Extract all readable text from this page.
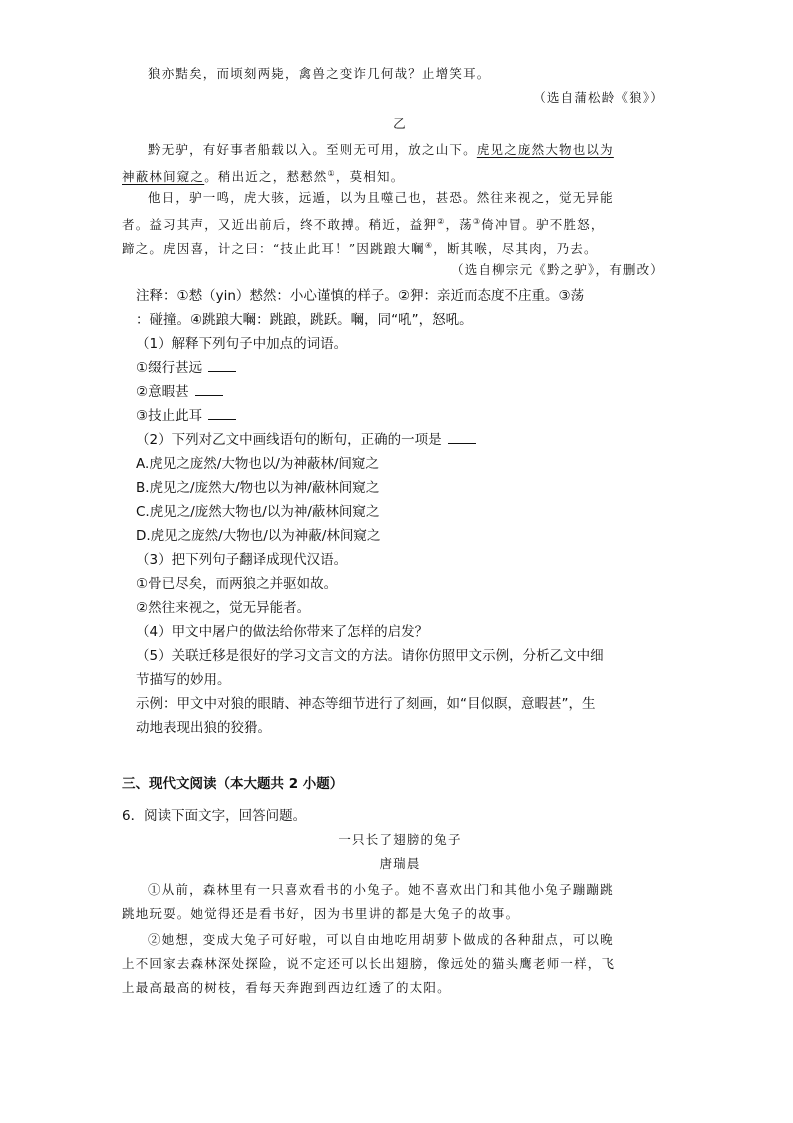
狼亦黠矣，而顷刻两毙，禽兽之变诈几何哉？止增笑耳。
（选自蒲松龄《狼》）
乙
黔无驴，有好事者船载以入。至则无可用，放之山下。虎见之庞然大物也以为
神蔽林间窥之。稍出近之，慭慭然①，莫相知。
他日，驴一鸣，虎大骇，远遁，以为且噬己也，甚恐。然往来视之，觉无异能
者。益习其声，又近出前后，终不敢搏。稍近，益狎②，荡③倚冲冒。驴不胜怒，
蹄之。虎因喜，计之曰：“技止此耳！”因跳踉大㘎④，断其喉，尽其肉，乃去。
（选自柳宗元《黔之驴》，有删改）
注释：①慭（yin）慭然：小心谨慎的样子。②狎：亲近而态度不庄重。③荡
：碰撞。④跳踉大㘎：跳踉，跳跃。㘎，同“吼”，怒吼。
（1）解释下列句子中加点的词语。
①缀行甚远
②意暇甚
③技止此耳
（2）下列对乙文中画线语句的断句，正确的一项是
A.虎见之庞然/大物也以/为神蔽林/间窥之
B.虎见之/庞然大/物也以为神/蔽林间窥之
C.虎见之/庞然大物也/以为神/蔽林间窥之
D.虎见之庞然/大物也/以为神蔽/林间窥之
（3）把下列句子翻译成现代汉语。
①骨已尽矣，而两狼之并驱如故。
②然往来视之，觉无异能者。
（4）甲文中屠户的做法给你带来了怎样的启发？
（5）关联迁移是很好的学习文言文的方法。请你仿照甲文示例，分析乙文中细
节描写的妙用。
示例：甲文中对狼的眼睛、神态等细节进行了刻画，如“目似瞑，意暇甚”，生
动地表现出狼的狡猾。
三、现代文阅读（本大题共 2 小题）
6．阅读下面文字，回答问题。
一只长了翅膀的兔子
唐瑞晨
①从前，森林里有一只喜欢看书的小兔子。她不喜欢出门和其他小兔子蹦蹦跳
跳地玩耍。她觉得还是看书好，因为书里讲的都是大兔子的故事。
②她想，变成大兔子可好啦，可以自由地吃用胡萝卜做成的各种甜点，可以晚
上不回家去森林深处探险，说不定还可以长出翅膀，像远处的猫头鹰老师一样，飞
上最高最高的树枝，看每天奔跑到西边红透了的太阳。
